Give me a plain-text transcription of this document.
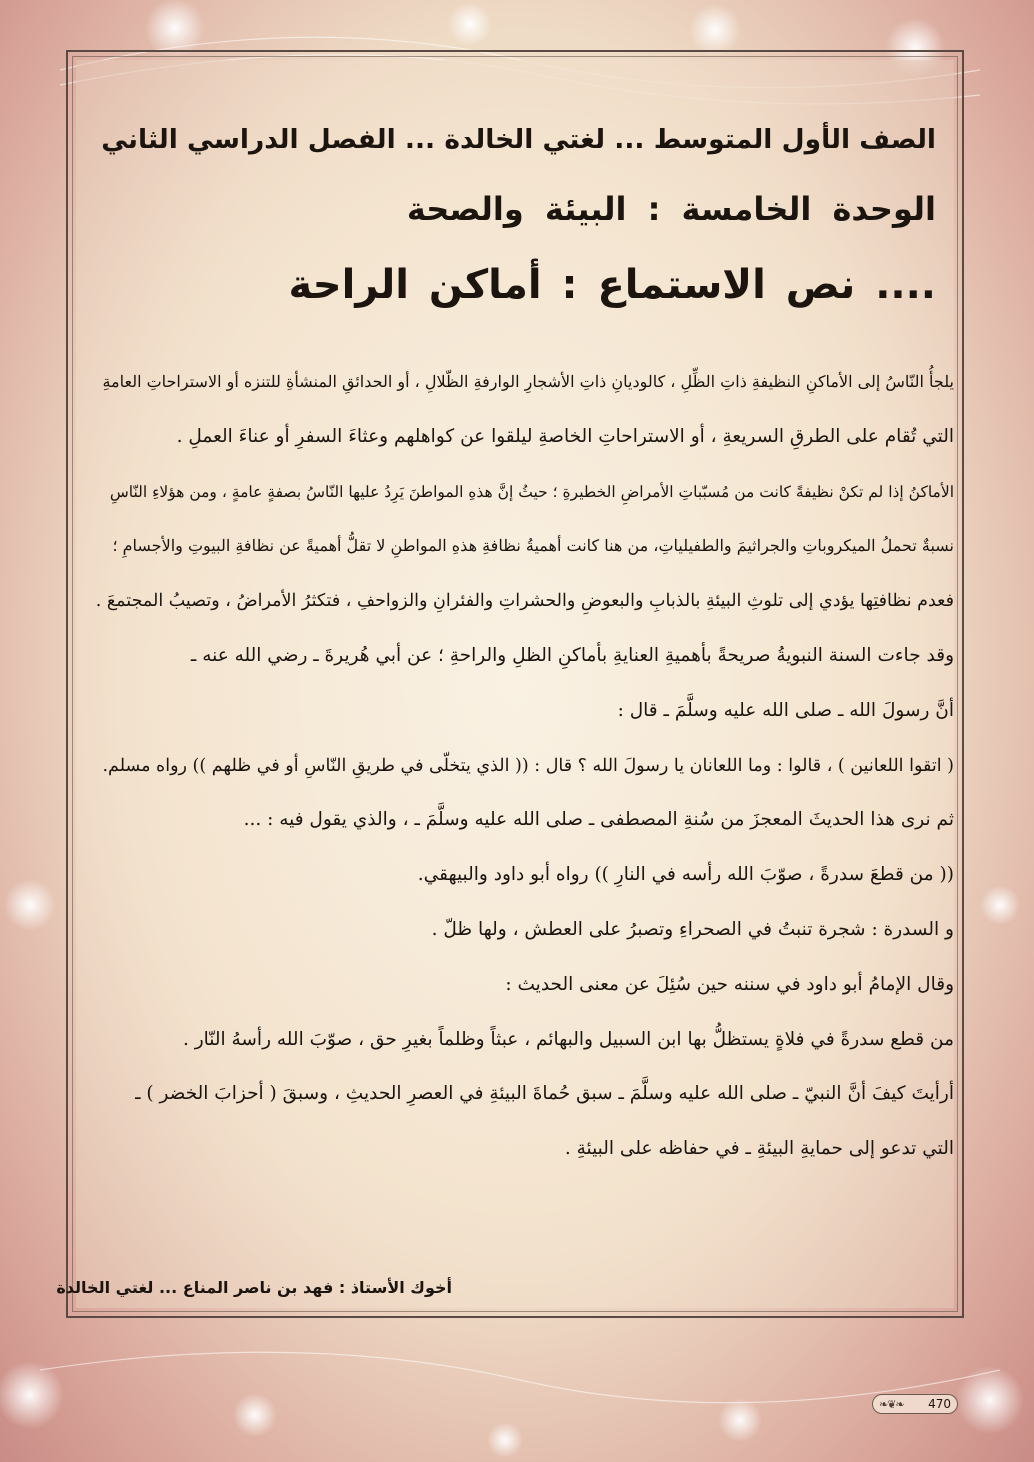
الصف الأول المتوسط ... لغتي الخالدة ... الفصل الدراسي الثاني
الوحدة الخامسة : البيئة والصحة
.... نص الاستماع : أماكن الراحة
يلجأُ النّاسُ إلى الأماكنِ النظيفةِ ذاتِ الظِّلِ ، كالوديانِ ذاتِ الأشجارِ الوارفةِ الظّلالِ ، أو الحدائقِ المنشأةِ للتنزه أو الاستراحاتِ العامةِ
التي تُقام على الطرقِ السريعةِ ، أو الاستراحاتِ الخاصةِ ليلقوا عن كواهلهم وعثاءَ السفرِ أو عناءَ العملِ .
الأماكنُ إذا لم تكنْ نظيفةً كانت من مُسبّباتِ الأمراضِ الخطيرةِ ؛ حيثُ إنَّ هذهِ المواطنَ يَرِدُ عليها النّاسُ بصفةٍ عامةٍ ، ومن هؤلاءِ النّاسِ
نسبةٌ تحملُ الميكروباتِ والجراثيمَ والطفيلياتِ، من هنا كانت أهميةُ نظافةِ هذهِ المواطنِ لا تقلُّ أهميةً عن نظافةِ البيوتِ والأجسامِ ؛
فعدم نظافتِها يؤدي إلى تلوثِ البيئةِ بالذبابِ والبعوضِ والحشراتِ والفئرانِ والزواحفِ ، فتكثرُ الأمراضُ ، وتصيبُ المجتمعَ .
وقد جاءت السنة النبويةُ صريحةً بأهميةِ العنايةِ بأماكنِ الظلِ والراحةِ ؛ عن أبي هُريرةَ ـ رضي الله عنه ـ
أنَّ رسولَ الله ـ صلى الله عليه وسلَّمَ ـ قال :
( اتقوا اللعانين ) ، قالوا : وما اللعانان يا رسولَ الله ؟ قال : (( الذي يتخلّى في طريقِ النّاسِ أو في ظلهم )) رواه مسلم.
ثم نرى هذا الحديثَ المعجزَ من سُنةِ المصطفى ـ صلى الله عليه وسلَّمَ ـ ، والذي يقول فيه : ...
(( من قطعَ سدرةً ، صوّبَ الله رأسه في النارِ )) رواه أبو داود والبيهقي.
و السدرة : شجرة تنبتُ في الصحراءِ وتصبرُ على العطش ، ولها ظلّ .
وقال الإمامُ أبو داود في سننه حين سُئِلَ عن معنى الحديث :
من قطع سدرةً في فلاةٍ يستظلُّ بها ابن السبيل والبهائم ، عبثاً وظلماً بغيرِ حق ، صوّبَ الله رأسهُ النّار .
أرأيتَ كيفَ أنَّ النبيّ ـ صلى الله عليه وسلَّمَ ـ سبق حُماةَ البيئةِ في العصرِ الحديثِ ، وسبقَ ( أحزابَ الخضر ) ـ
التي تدعو إلى حمايةِ البيئةِ ـ في حفاظه على البيئةِ .
أخوك الأستاذ : فهد بن ناصر المناع ... لغتي الخالدة
❧❦❧ 470
